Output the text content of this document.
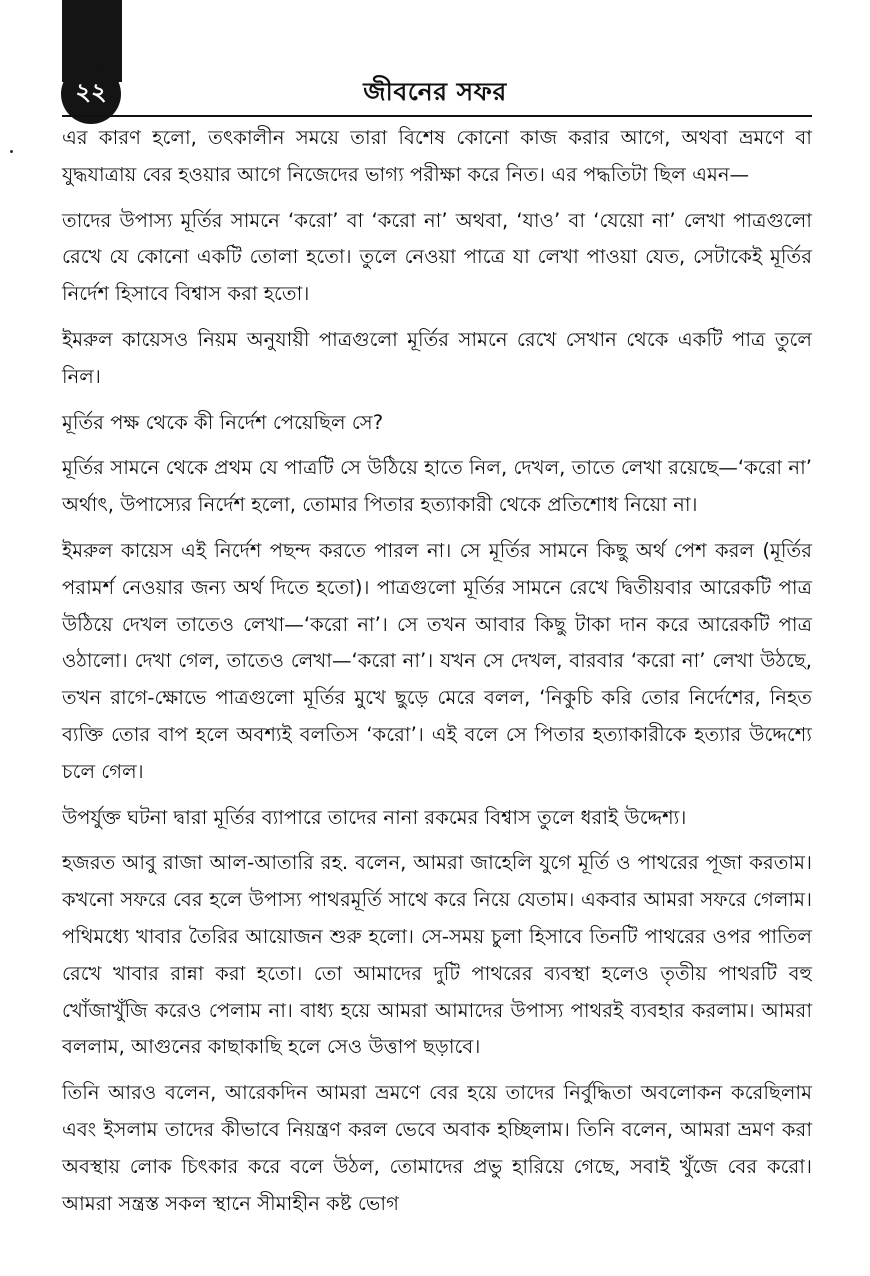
২২	জীবনের সফর

এর কারণ হলো, তৎকালীন সময়ে তারা বিশেষ কোনো কাজ করার আগে, অথবা ভ্রমণে বা যুদ্ধযাত্রায় বের হওয়ার আগে নিজেদের ভাগ্য পরীক্ষা করে নিত। এর পদ্ধতিটা ছিল এমন—

তাদের উপাস্য মূর্তির সামনে ‘করো’ বা ‘করো না’ অথবা, ‘যাও’ বা ‘যেয়ো না’ লেখা পাত্রগুলো রেখে যে কোনো একটি তোলা হতো। তুলে নেওয়া পাত্রে যা লেখা পাওয়া যেত, সেটাকেই মূর্তির নির্দেশ হিসাবে বিশ্বাস করা হতো।

ইমরুল কায়েসও নিয়ম অনুযায়ী পাত্রগুলো মূর্তির সামনে রেখে সেখান থেকে একটি পাত্র তুলে নিল।

মূর্তির পক্ষ থেকে কী নির্দেশ পেয়েছিল সে?

মূর্তির সামনে থেকে প্রথম যে পাত্রটি সে উঠিয়ে হাতে নিল, দেখল, তাতে লেখা রয়েছে—‘করো না’ অর্থাৎ, উপাস্যের নির্দেশ হলো, তোমার পিতার হত্যাকারী থেকে প্রতিশোধ নিয়ো না।

ইমরুল কায়েস এই নির্দেশ পছন্দ করতে পারল না। সে মূর্তির সামনে কিছু অর্থ পেশ করল (মূর্তির পরামর্শ নেওয়ার জন্য অর্থ দিতে হতো)। পাত্রগুলো মূর্তির সামনে রেখে দ্বিতীয়বার আরেকটি পাত্র উঠিয়ে দেখল তাতেও লেখা—‘করো না’। সে তখন আবার কিছু টাকা দান করে আরেকটি পাত্র ওঠালো। দেখা গেল, তাতেও লেখা—‘করো না’। যখন সে দেখল, বারবার ‘করো না’ লেখা উঠছে, তখন রাগে-ক্ষোভে পাত্রগুলো মূর্তির মুখে ছুড়ে মেরে বলল, ‘নিকুচি করি তোর নির্দেশের, নিহত ব্যক্তি তোর বাপ হলে অবশ্যই বলতিস ‘করো’। এই বলে সে পিতার হত্যাকারীকে হত্যার উদ্দেশ্যে চলে গেল।

উপর্যুক্ত ঘটনা দ্বারা মূর্তির ব্যাপারে তাদের নানা রকমের বিশ্বাস তুলে ধরাই উদ্দেশ্য।

হজরত আবু রাজা আল-আতারি রহ. বলেন, আমরা জাহেলি যুগে মূর্তি ও পাথরের পূজা করতাম। কখনো সফরে বের হলে উপাস্য পাথরমূর্তি সাথে করে নিয়ে যেতাম। একবার আমরা সফরে গেলাম। পথিমধ্যে খাবার তৈরির আয়োজন শুরু হলো। সে-সময় চুলা হিসাবে তিনটি পাথরের ওপর পাতিল রেখে খাবার রান্না করা হতো। তো আমাদের দুটি পাথরের ব্যবস্থা হলেও তৃতীয় পাথরটি বহু খোঁজাখুঁজি করেও পেলাম না। বাধ্য হয়ে আমরা আমাদের উপাস্য পাথরই ব্যবহার করলাম। আমরা বললাম, আগুনের কাছাকাছি হলে সেও উত্তাপ ছড়াবে।

তিনি আরও বলেন, আরেকদিন আমরা ভ্রমণে বের হয়ে তাদের নির্বুদ্ধিতা অবলোকন করেছিলাম এবং ইসলাম তাদের কীভাবে নিয়ন্ত্রণ করল ভেবে অবাক হচ্ছিলাম। তিনি বলেন, আমরা ভ্রমণ করা অবস্থায় লোক চিৎকার করে বলে উঠল, তোমাদের প্রভু হারিয়ে গেছে, সবাই খুঁজে বের করো। আমরা সন্ত্রস্ত সকল স্থানে সীমাহীন কষ্ট ভোগ
